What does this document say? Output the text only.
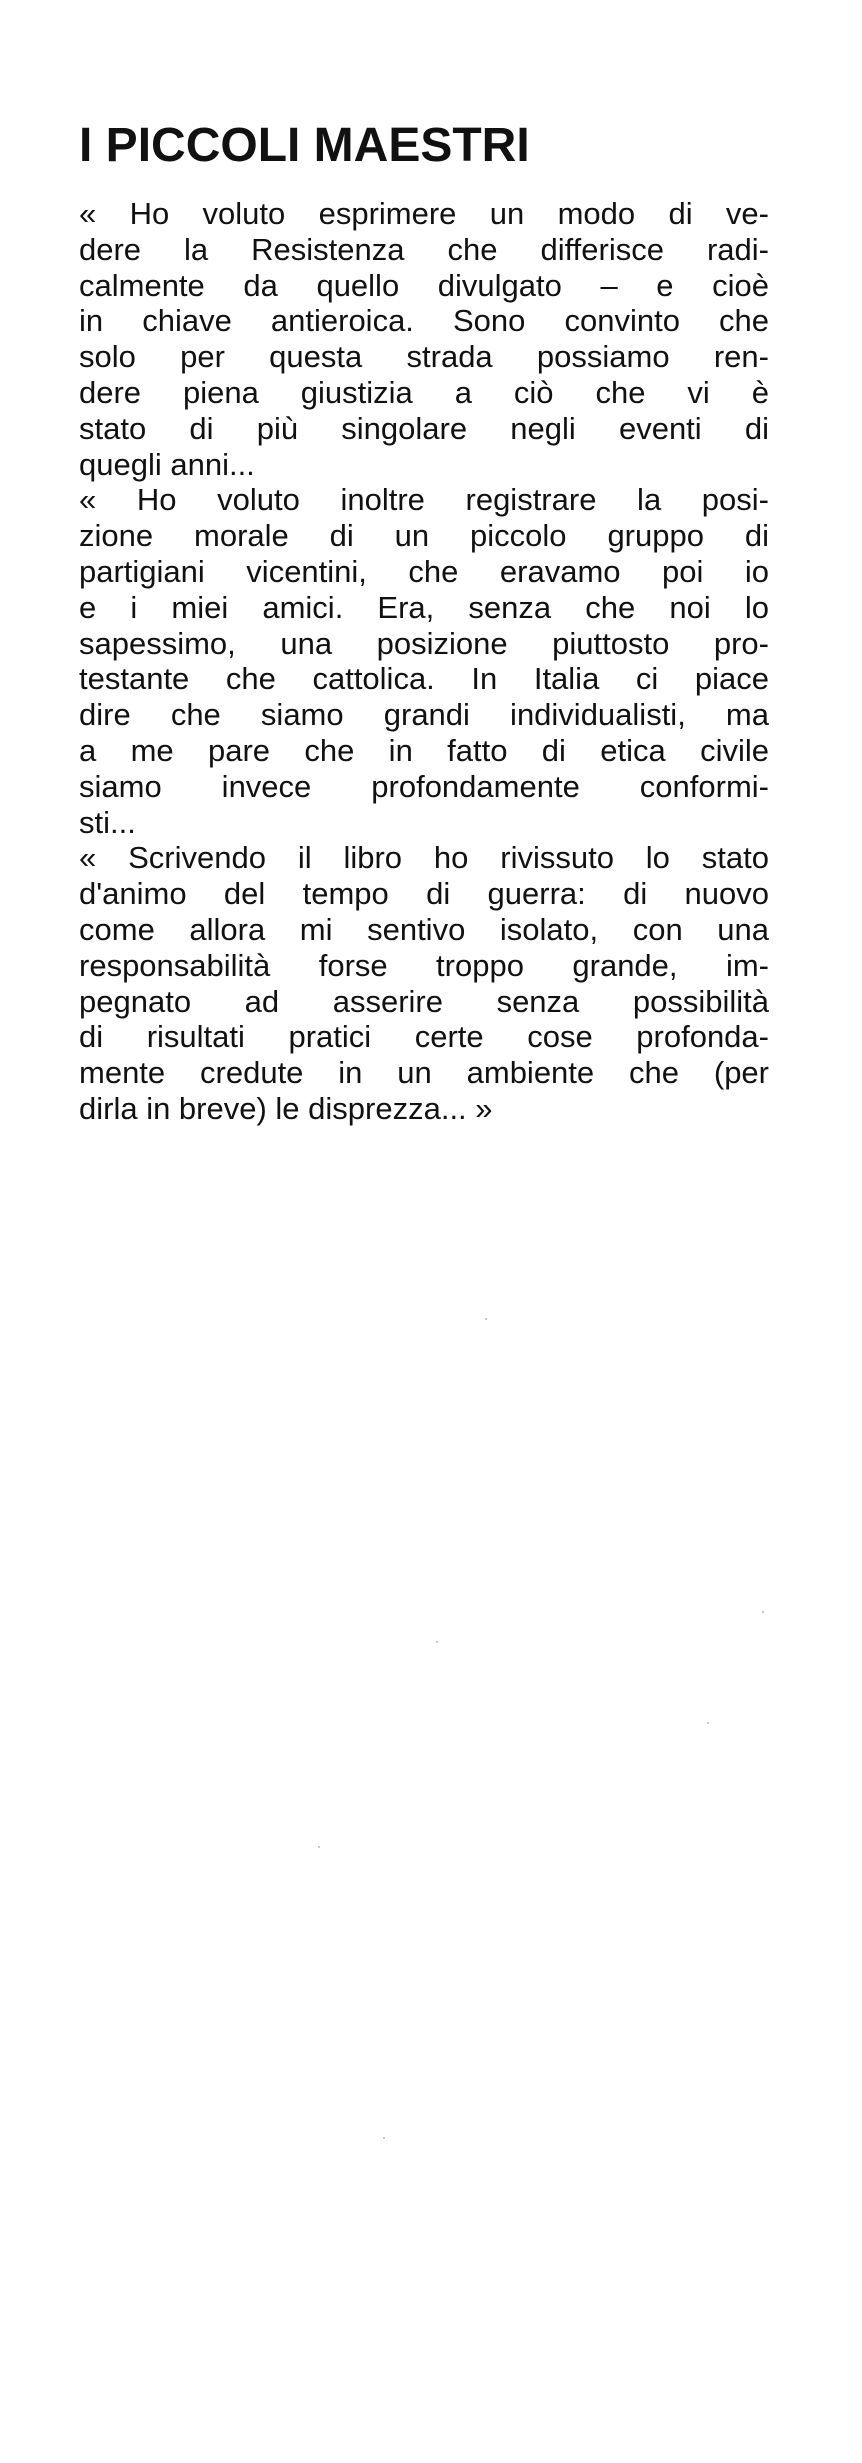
I PICCOLI MAESTRI
« Ho voluto esprimere un modo di ve-
dere la Resistenza che differisce radi-
calmente da quello divulgato – e cioè
in chiave antieroica. Sono convinto che
solo per questa strada possiamo ren-
dere piena giustizia a ciò che vi è
stato di più singolare negli eventi di
quegli anni...
« Ho voluto inoltre registrare la posi-
zione morale di un piccolo gruppo di
partigiani vicentini, che eravamo poi io
e i miei amici. Era, senza che noi lo
sapessimo, una posizione piuttosto pro-
testante che cattolica. In Italia ci piace
dire che siamo grandi individualisti, ma
a me pare che in fatto di etica civile
siamo invece profondamente conformi-
sti...
« Scrivendo il libro ho rivissuto lo stato
d'animo del tempo di guerra: di nuovo
come allora mi sentivo isolato, con una
responsabilità forse troppo grande, im-
pegnato ad asserire senza possibilità
di risultati pratici certe cose profonda-
mente credute in un ambiente che (per
dirla in breve) le disprezza... »
